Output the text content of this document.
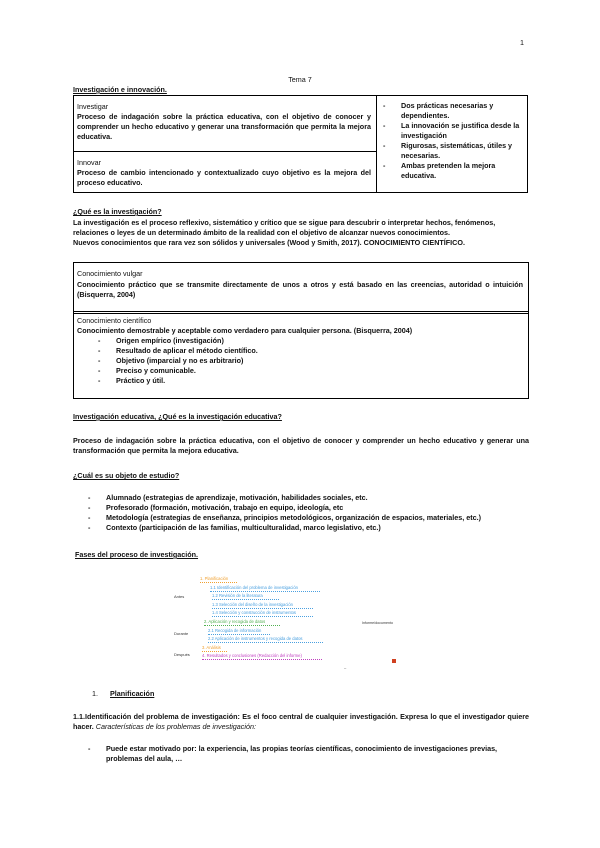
1
Tema 7
Investigación e innovación.
Investigar
Proceso de indagación sobre la práctica educativa, con el objetivo de conocer y comprender un hecho educativo y generar una transformación que permita la mejora educativa.
Innovar
Proceso de cambio intencionado y contextualizado cuyo objetivo es la mejora del proceso educativo.
- Dos prácticas necesarias y dependientes.
- La innovación se justifica desde la investigación
- Rigurosas, sistemáticas, útiles y necesarias.
- Ambas pretenden la mejora educativa.
¿Qué es la investigación?
La investigación es el proceso reflexivo, sistemático y crítico que se sigue para descubrir o interpretar hechos, fenómenos,
relaciones o leyes de un determinado ámbito de la realidad con el objetivo de alcanzar nuevos conocimientos.
Nuevos conocimientos que rara vez son sólidos y universales (Wood y Smith, 2017). CONOCIMIENTO CIENTÍFICO.
Conocimiento vulgar
Conocimiento práctico que se transmite directamente de unos a otros y está basado en las creencias, autoridad o intuición (Bisquerra, 2004)
Conocimiento científico
Conocimiento demostrable y aceptable como verdadero para cualquier persona. (Bisquerra, 2004)
- Origen empírico (investigación)
- Resultado de aplicar el método científico.
- Objetivo (imparcial y no es arbitrario)
- Preciso y comunicable.
- Práctico y útil.
Investigación educativa, ¿Qué es la investigación educativa?
Proceso de indagación sobre la práctica educativa, con el objetivo de conocer y comprender un hecho educativo y generar una transformación que permita la mejora educativa.
¿Cuál es su objeto de estudio?
- Alumnado (estrategias de aprendizaje, motivación, habilidades sociales, etc.
- Profesorado (formación, motivación, trabajo en equipo, ideología, etc
- Metodología (estrategias de enseñanza, principios metodológicos, organización de espacios, materiales, etc.)
- Contexto (participación de las familias, multiculturalidad, marco legislativo, etc.)
Fases del proceso de investigación.
Antes
Durante
Después
Informe/documento
1. Planificación
1.1 Identificación del problema de investigación
1.2 Revisión de la literatura
1.3 Selección del diseño de la investigación
1.4 Selección y construcción de instrumentos
2. Aplicación y recogida de datos
2.1 Recogida de información
2.2 Aplicación de instrumentos y recogida de datos
3. Análisis
4. Resultados y conclusiones (Redacción del informe)
–
1. Planificación
1.1.Identificación del problema de investigación: Es el foco central de cualquier investigación. Expresa lo que el investigador quiere hacer. Características de los problemas de investigación:
- Puede estar motivado por: la experiencia, las propias teorías científicas, conocimiento de investigaciones previas, problemas del aula, …
